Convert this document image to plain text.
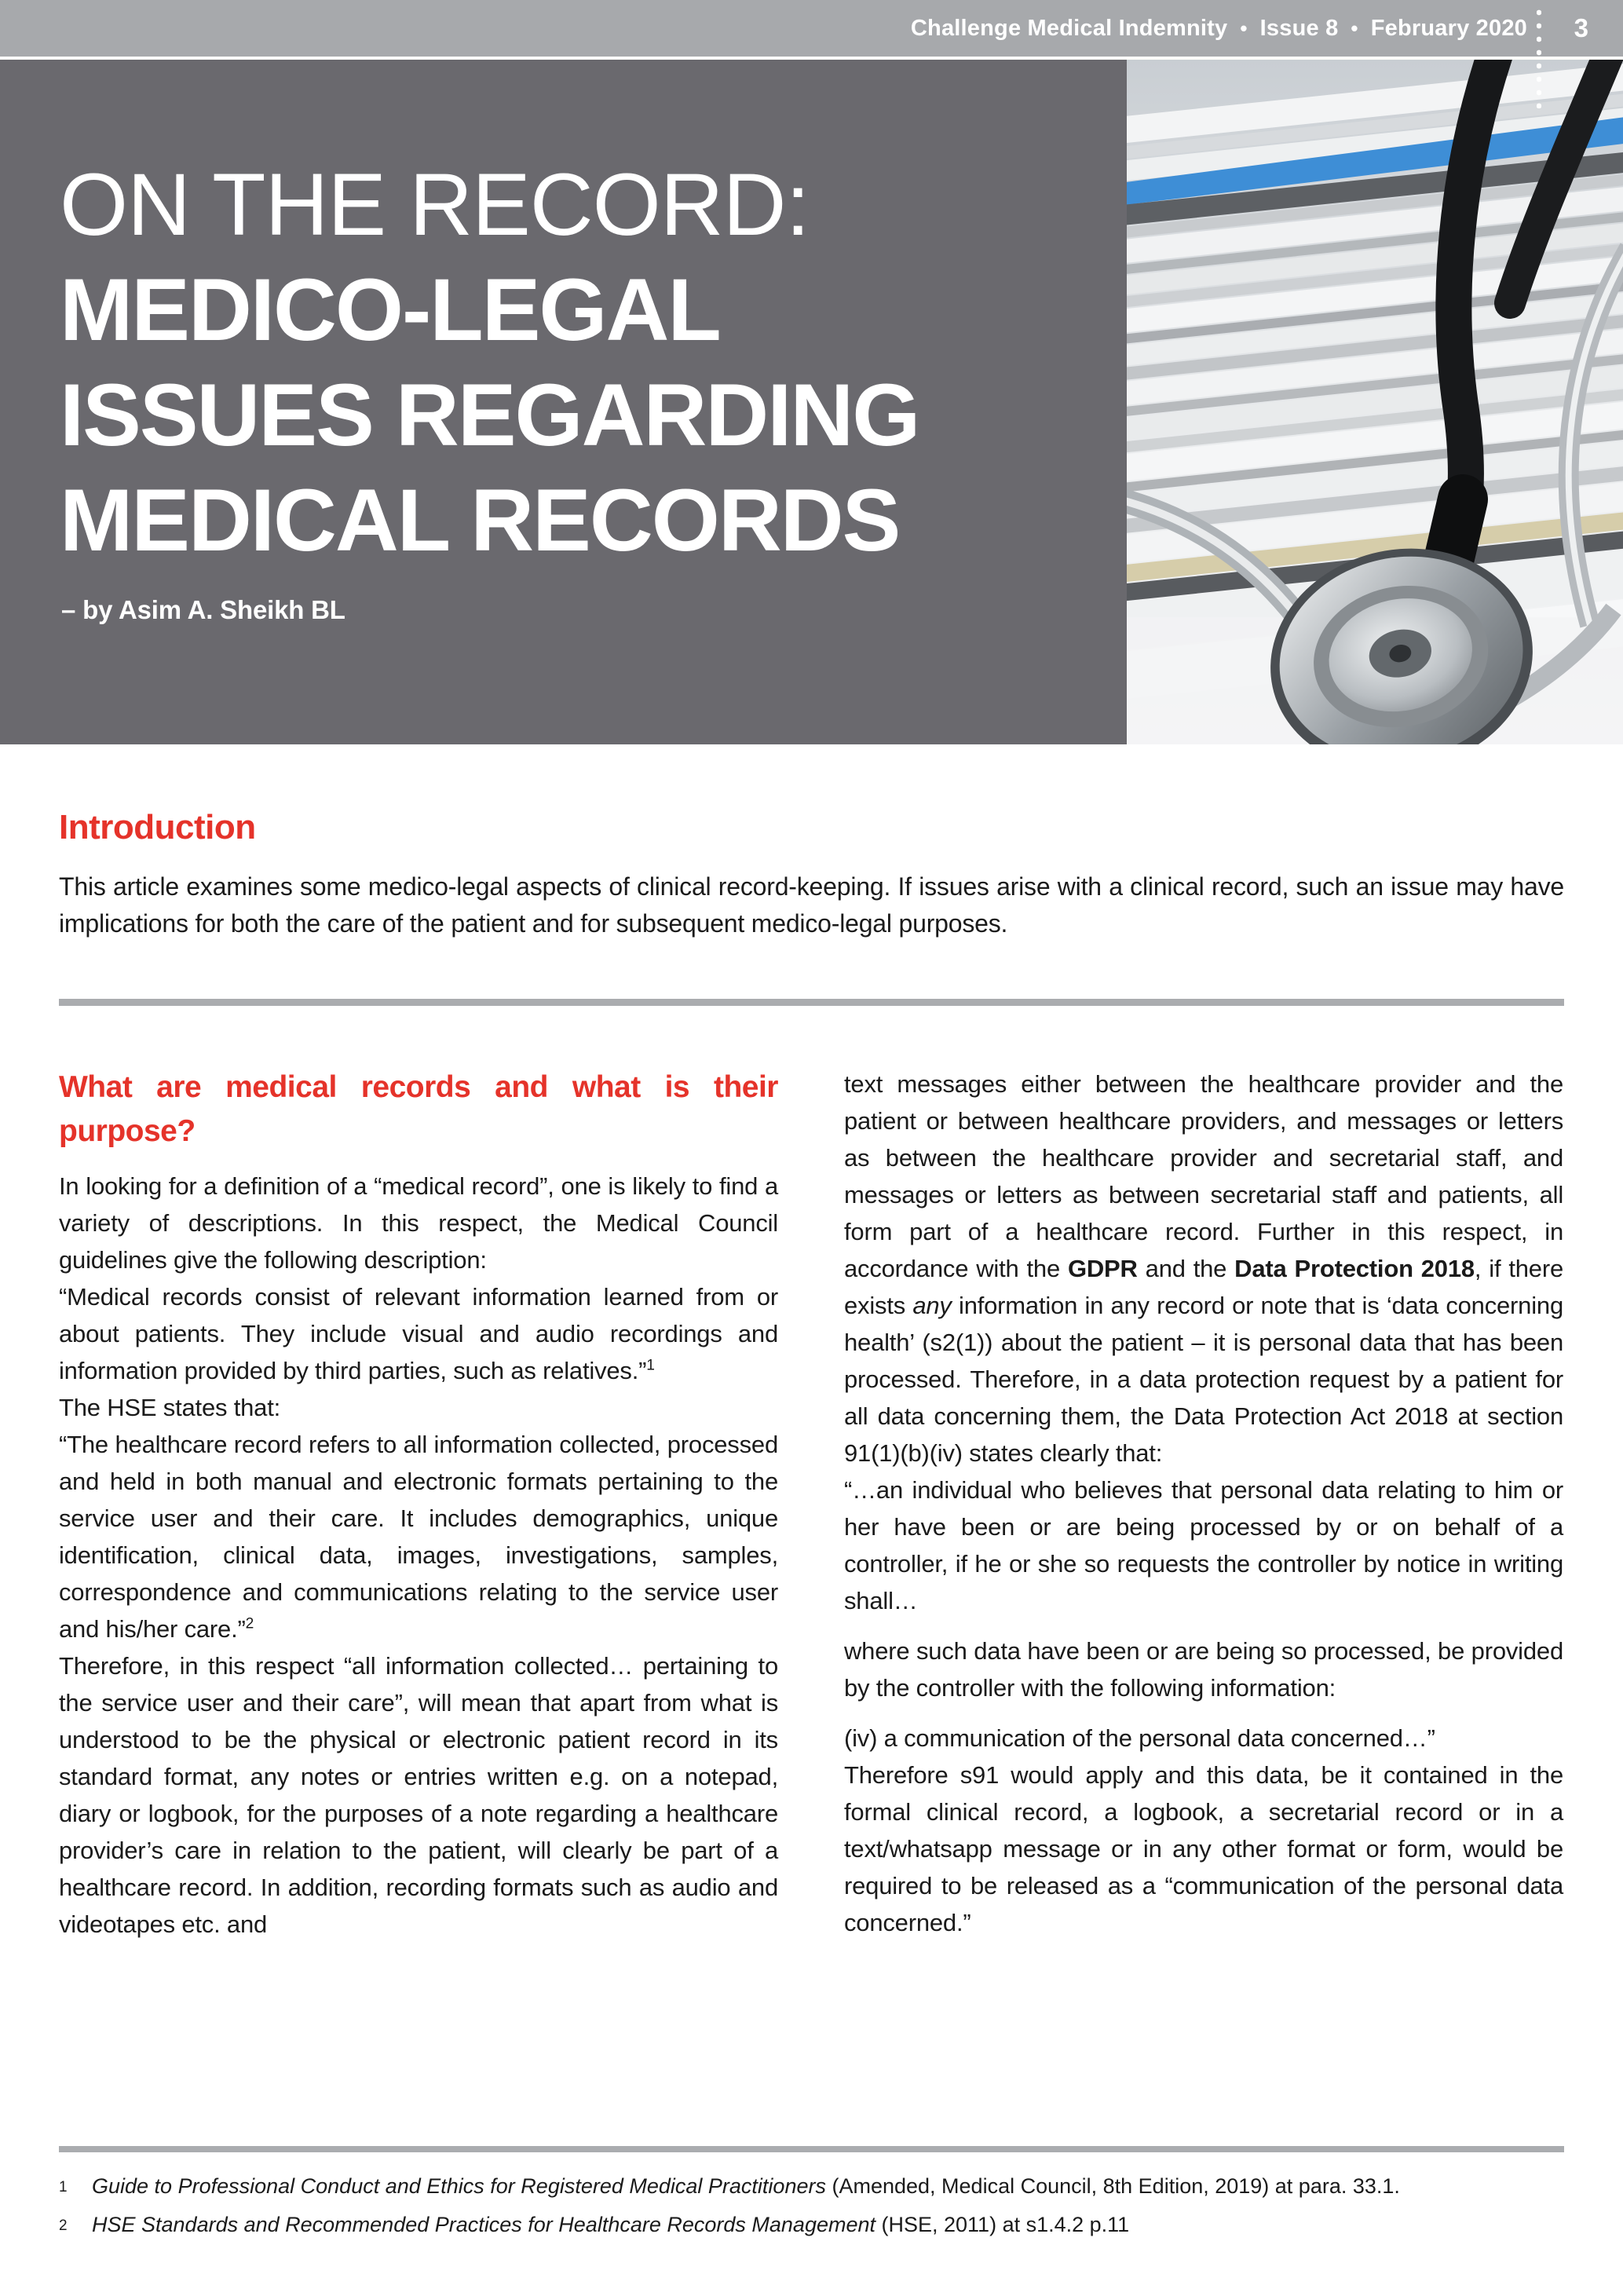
Challenge Medical Indemnity • Issue 8 • February 2020 3
ON THE RECORD:
MEDICO-LEGAL
ISSUES REGARDING
MEDICAL RECORDS
– by Asim A. Sheikh BL
Introduction

This article examines some medico-legal aspects of clinical record-keeping. If issues arise with a clinical record, such an issue may have implications for both the care of the patient and for subsequent medico-legal purposes.

What are medical records and what is their purpose?

In looking for a definition of a “medical record”, one is likely to find a variety of descriptions. In this respect, the Medical Council guidelines give the following description:

“Medical records consist of relevant information learned from or about patients. They include visual and audio recordings and information provided by third parties, such as relatives.”$^1$

The HSE states that:

“The healthcare record refers to all information collected, processed and held in both manual and electronic formats pertaining to the service user and their care. It includes demographics, unique identification, clinical data, images, investigations, samples, correspondence and communications relating to the service user and his/her care.”$^2$

Therefore, in this respect “all information collected… pertaining to the service user and their care”, will mean that apart from what is understood to be the physical or electronic patient record in its standard format, any notes or entries written e.g. on a notepad, diary or logbook, for the purposes of a note regarding a healthcare provider’s care in relation to the patient, will clearly be part of a healthcare record. In addition, recording formats such as audio and videotapes etc. and

text messages either between the healthcare provider and the patient or between healthcare providers, and messages or letters as between the healthcare provider and secretarial staff, and messages or letters as between secretarial staff and patients, all form part of a healthcare record. Further in this respect, in accordance with the GDPR and the Data Protection 2018, if there exists any information in any record or note that is ‘data concerning health’ (s2(1)) about the patient – it is personal data that has been processed. Therefore, in a data protection request by a patient for all data concerning them, the Data Protection Act 2018 at section 91(1)(b)(iv) states clearly that:

“…an individual who believes that personal data relating to him or her have been or are being processed by or on behalf of a controller, if he or she so requests the controller by notice in writing shall…

where such data have been or are being so processed, be provided by the controller with the following information:

(iv) a communication of the personal data concerned…”

Therefore s91 would apply and this data, be it contained in the formal clinical record, a logbook, a secretarial record or in a text/whatsapp message or in any other format or form, would be required to be released as a “communication of the personal data concerned.”

1	Guide to Professional Conduct and Ethics for Registered Medical Practitioners (Amended, Medical Council, 8th Edition, 2019) at para. 33.1.

2	HSE Standards and Recommended Practices for Healthcare Records Management (HSE, 2011) at s1.4.2 p.11
